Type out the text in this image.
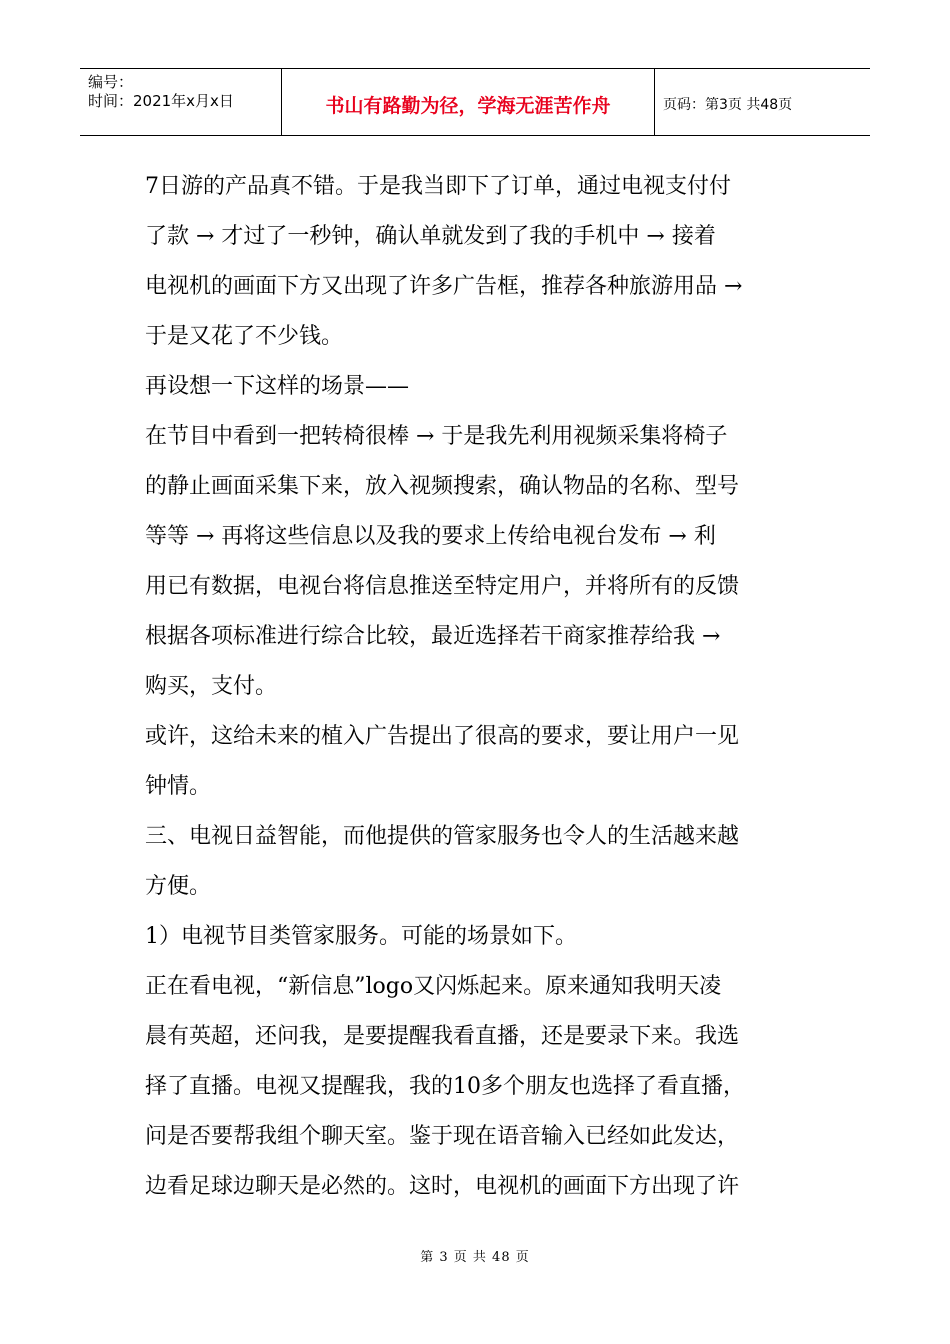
编号：
时间：2021年x月x日	书山有路勤为径，学海无涯苦作舟	页码：第3页 共48页
7日游的产品真不错。于是我当即下了订单，通过电视支付付
了款 → 才过了一秒钟，确认单就发到了我的手机中 → 接着
电视机的画面下方又出现了许多广告框，推荐各种旅游用品 →
于是又花了不少钱。
再设想一下这样的场景——
在节目中看到一把转椅很棒 → 于是我先利用视频采集将椅子
的静止画面采集下来，放入视频搜索，确认物品的名称、型号
等等 → 再将这些信息以及我的要求上传给电视台发布 → 利
用已有数据，电视台将信息推送至特定用户，并将所有的反馈
根据各项标准进行综合比较，最近选择若干商家推荐给我 →
购买，支付。
或许，这给未来的植入广告提出了很高的要求，要让用户一见
钟情。
三、电视日益智能，而他提供的管家服务也令人的生活越来越
方便。
1）电视节目类管家服务。可能的场景如下。
正在看电视，“新信息”logo又闪烁起来。原来通知我明天凌
晨有英超，还问我，是要提醒我看直播，还是要录下来。我选
择了直播。电视又提醒我，我的10多个朋友也选择了看直播，
问是否要帮我组个聊天室。鉴于现在语音输入已经如此发达，
边看足球边聊天是必然的。这时，电视机的画面下方出现了许
第 3 页 共 48 页
